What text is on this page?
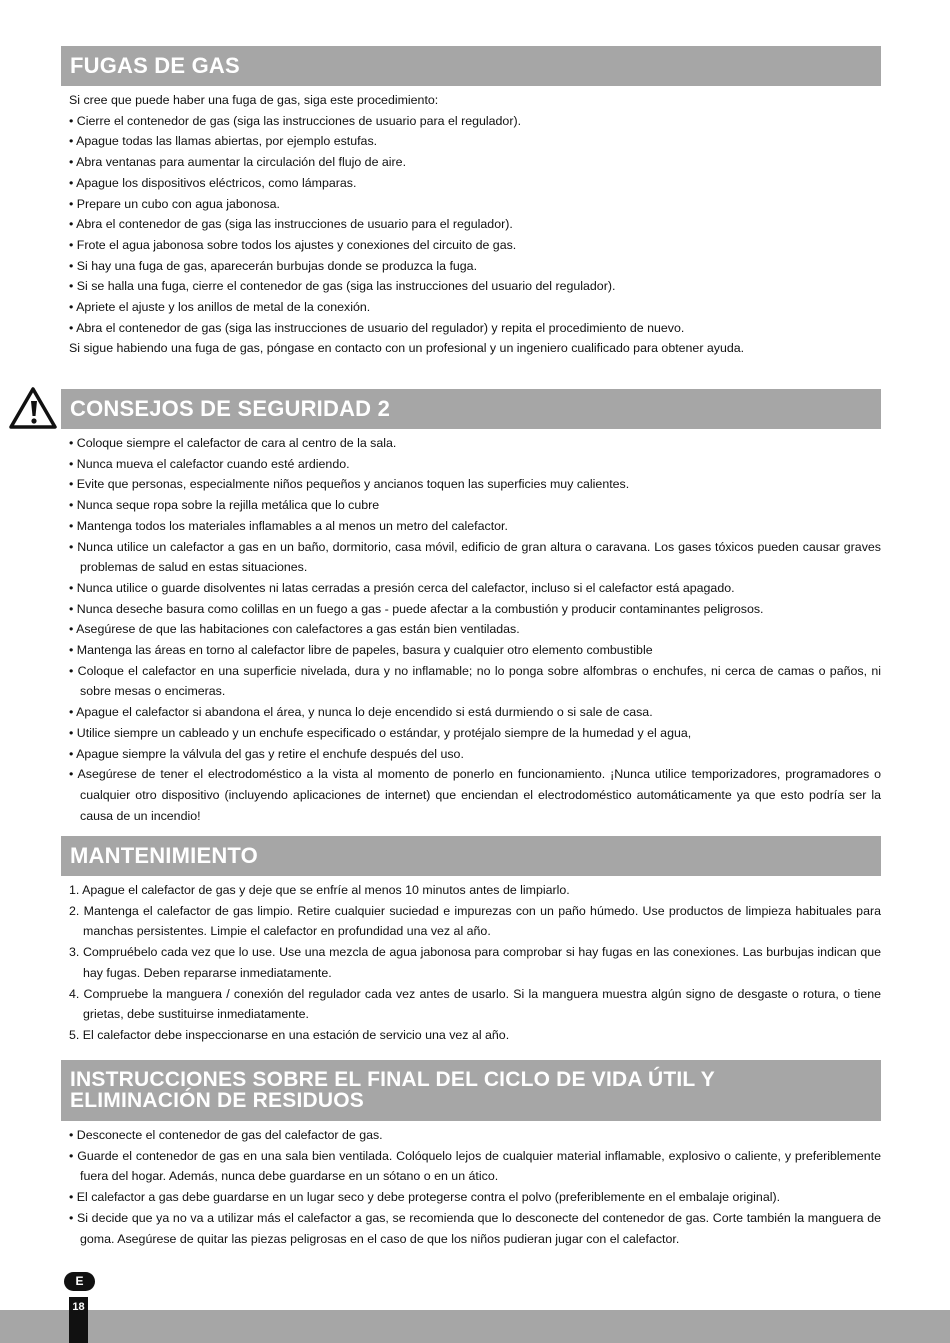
FUGAS DE GAS
Si cree que puede haber una fuga de gas, siga este procedimiento:
• Cierre el contenedor de gas (siga las instrucciones de usuario para el regulador).
• Apague todas las llamas abiertas, por ejemplo estufas.
• Abra ventanas para aumentar la circulación del flujo de aire.
• Apague los dispositivos eléctricos, como lámparas.
• Prepare un cubo con agua jabonosa.
• Abra el contenedor de gas (siga las instrucciones de usuario para el regulador).
• Frote el agua jabonosa sobre todos los ajustes y conexiones del circuito de gas.
• Si hay una fuga de gas, aparecerán burbujas donde se produzca la fuga.
• Si se halla una fuga, cierre el contenedor de gas (siga las instrucciones del usuario del regulador).
• Apriete el ajuste y los anillos de metal de la conexión.
• Abra el contenedor de gas (siga las instrucciones de usuario del regulador) y repita el procedimiento de nuevo.
Si sigue habiendo una fuga de gas, póngase en contacto con un profesional y un ingeniero cualificado para obtener ayuda.
CONSEJOS DE SEGURIDAD 2
• Coloque siempre el calefactor de cara al centro de la sala.
• Nunca mueva el calefactor cuando esté ardiendo.
• Evite que personas, especialmente niños pequeños y ancianos toquen las superficies muy calientes.
• Nunca seque ropa sobre la rejilla metálica que lo cubre
• Mantenga todos los materiales inflamables a al menos un metro del calefactor.
• Nunca utilice un calefactor a gas en un baño, dormitorio, casa móvil, edificio de gran altura o caravana. Los gases tóxicos pueden causar graves problemas de salud en estas situaciones.
• Nunca utilice o guarde disolventes ni latas cerradas a presión cerca del calefactor, incluso si el calefactor está apagado.
• Nunca deseche basura como colillas en un fuego a gas - puede afectar a la combustión y producir contaminantes peligrosos.
• Asegúrese de que las habitaciones con calefactores a gas están bien ventiladas.
• Mantenga las áreas en torno al calefactor libre de papeles, basura y cualquier otro elemento combustible
• Coloque el calefactor en una superficie nivelada, dura y no inflamable; no lo ponga sobre alfombras o enchufes, ni cerca de camas o paños, ni sobre mesas o encimeras.
• Apague el calefactor si abandona el área, y nunca lo deje encendido si está durmiendo o si sale de casa.
• Utilice siempre un cableado y un enchufe especificado o estándar, y protéjalo siempre de la humedad y el agua,
• Apague siempre la válvula del gas y retire el enchufe después del uso.
• Asegúrese de tener el electrodoméstico a la vista al momento de ponerlo en funcionamiento. ¡Nunca utilice temporizadores, programadores o cualquier otro dispositivo (incluyendo aplicaciones de internet) que enciendan el electrodoméstico automáticamente ya que esto podría ser la causa de un incendio!
MANTENIMIENTO
1. Apague el calefactor de gas y deje que se enfríe al menos 10 minutos antes de limpiarlo.
2. Mantenga el calefactor de gas limpio. Retire cualquier suciedad e impurezas con un paño húmedo. Use productos de limpieza habituales para manchas persistentes. Limpie el calefactor en profundidad una vez al año.
3. Compruébelo cada vez que lo use. Use una mezcla de agua jabonosa para comprobar si hay fugas en las conexiones. Las burbujas indican que hay fugas. Deben repararse inmediatamente.
4. Compruebe la manguera / conexión del regulador cada vez antes de usarlo. Si la manguera muestra algún signo de desgaste o rotura, o tiene grietas, debe sustituirse inmediatamente.
5. El calefactor debe inspeccionarse en una estación de servicio una vez al año.
INSTRUCCIONES SOBRE EL FINAL DEL CICLO DE VIDA ÚTIL Y
ELIMINACIÓN DE RESIDUOS
• Desconecte el contenedor de gas del calefactor de gas.
• Guarde el contenedor de gas en una sala bien ventilada. Colóquelo lejos de cualquier material inflamable, explosivo o caliente, y preferiblemente fuera del hogar. Además, nunca debe guardarse en un sótano o en un ático.
• El calefactor a gas debe guardarse en un lugar seco y debe protegerse contra el polvo (preferiblemente en el embalaje original).
• Si decide que ya no va a utilizar más el calefactor a gas, se recomienda que lo desconecte del contenedor de gas. Corte también la manguera de goma. Asegúrese de quitar las piezas peligrosas en el caso de que los niños pudieran jugar con el calefactor.
E
18
